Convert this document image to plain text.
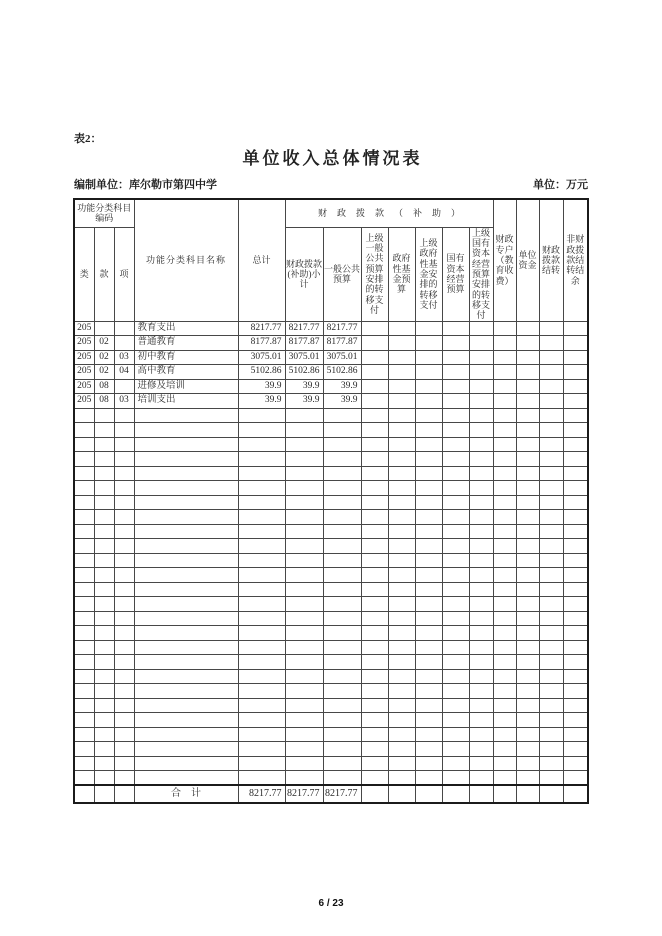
表2：
单位收入总体情况表
编制单位：库尔勒市第四中学	单位：万元
功能分类科目编码			功能分类科目名称	总计	财政拨款（补助）							财政专户（教育收费）	单位资金	财政拨款结转	非财政拨款结转结余
类	款	项			财政拨款(补助)小计	一般公共预算	上级一般公共预算安排的转移支付	政府性基金预算	上级政府性基金安排的转移支付	国有资本经营预算	上级国有资本经营预算安排的转移支付				
205			教育支出	8217.77	8217.77	8217.77									
205	02		普通教育	8177.87	8177.87	8177.87									
205	02	03	初中教育	3075.01	3075.01	3075.01									
205	02	04	高中教育	5102.86	5102.86	5102.86									
205	08		进修及培训	39.9	39.9	39.9									
205	08	03	培训支出	39.9	39.9	39.9									

			合　计	8217.77	8217.77	8217.77									
6 / 23
